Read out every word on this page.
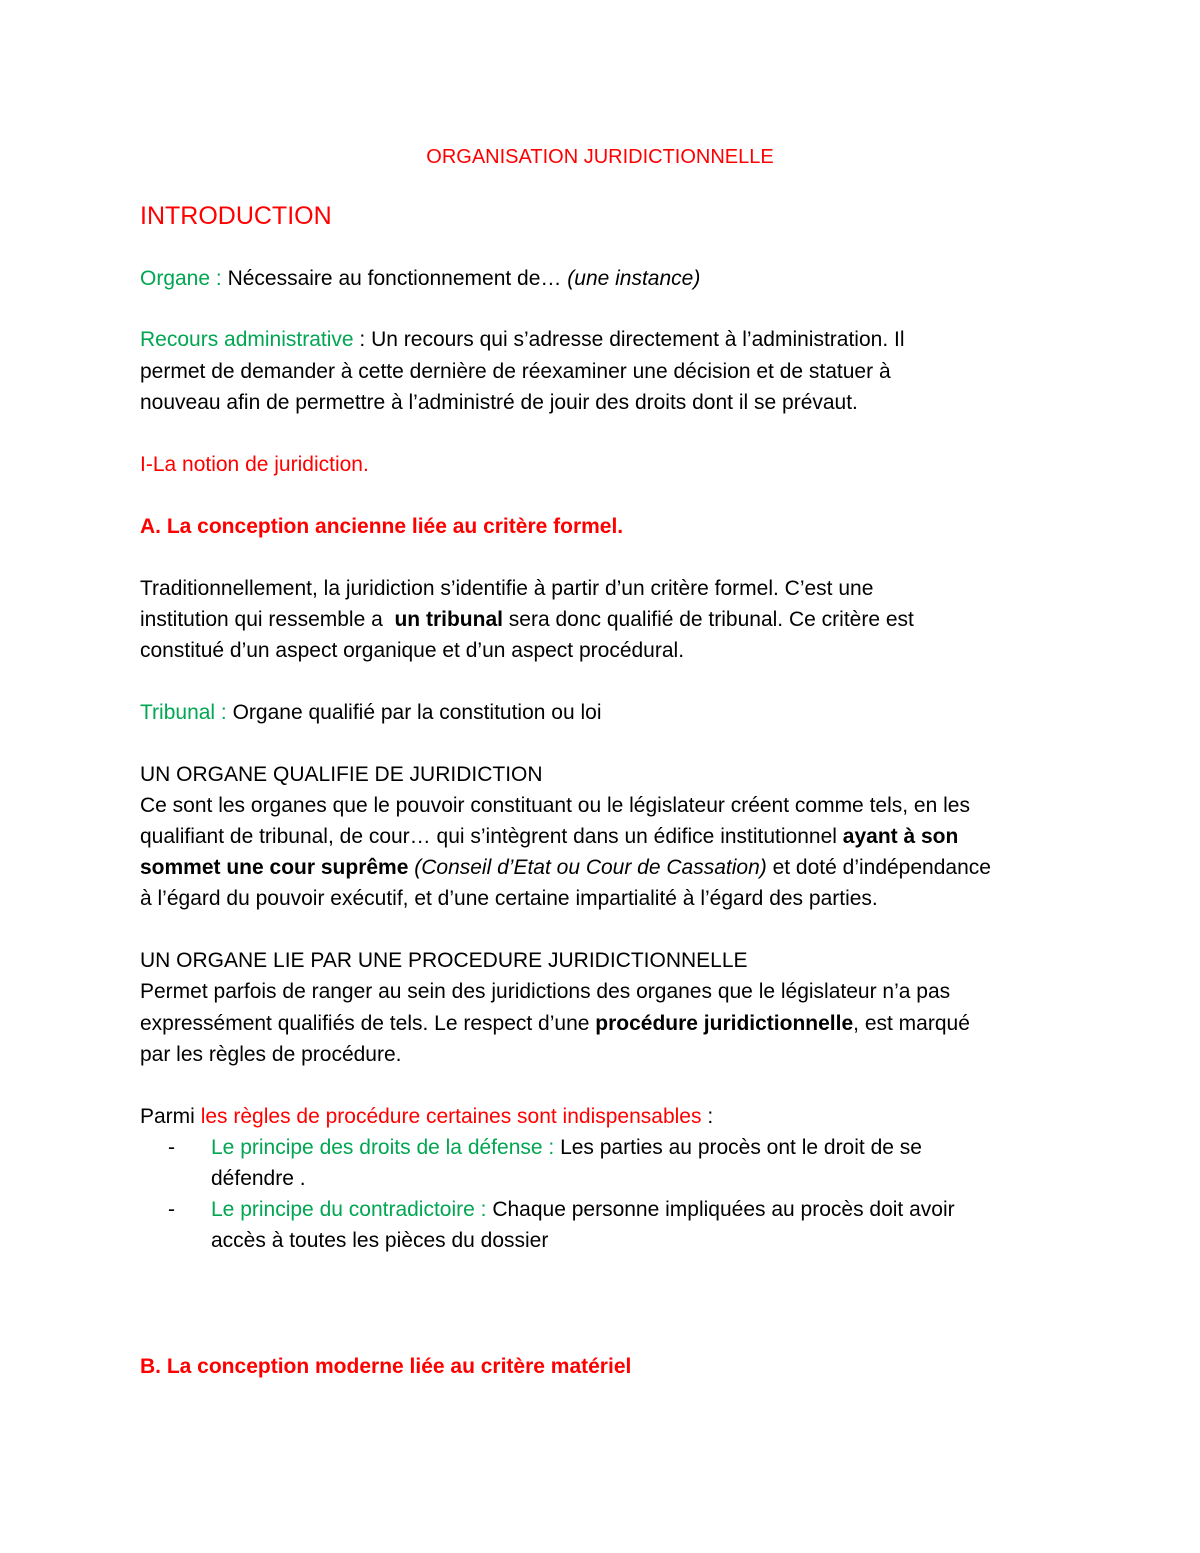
ORGANISATION JURIDICTIONNELLE
INTRODUCTION
Organe : Nécessaire au fonctionnement de… (une instance)
Recours administrative : Un recours qui s’adresse directement à l’administration. Il
permet de demander à cette dernière de réexaminer une décision et de statuer à
nouveau afin de permettre à l’administré de jouir des droits dont il se prévaut.
I-La notion de juridiction.
A. La conception ancienne liée au critère formel.
Traditionnellement, la juridiction s’identifie à partir d’un critère formel. C’est une
institution qui ressemble a  un tribunal sera donc qualifié de tribunal. Ce critère est
constitué d’un aspect organique et d’un aspect procédural.
Tribunal : Organe qualifié par la constitution ou loi
UN ORGANE QUALIFIE DE JURIDICTION
Ce sont les organes que le pouvoir constituant ou le législateur créent comme tels, en les
qualifiant de tribunal, de cour… qui s’intègrent dans un édifice institutionnel ayant à son
sommet une cour suprême (Conseil d’Etat ou Cour de Cassation) et doté d’indépendance
à l’égard du pouvoir exécutif, et d’une certaine impartialité à l’égard des parties.
UN ORGANE LIE PAR UNE PROCEDURE JURIDICTIONNELLE
Permet parfois de ranger au sein des juridictions des organes que le législateur n’a pas
expressément qualifiés de tels. Le respect d’une procédure juridictionnelle, est marqué
par les règles de procédure.
Parmi les règles de procédure certaines sont indispensables :
- Le principe des droits de la défense : Les parties au procès ont le droit de se
défendre .
- Le principe du contradictoire : Chaque personne impliquées au procès doit avoir
accès à toutes les pièces du dossier
B. La conception moderne liée au critère matériel
